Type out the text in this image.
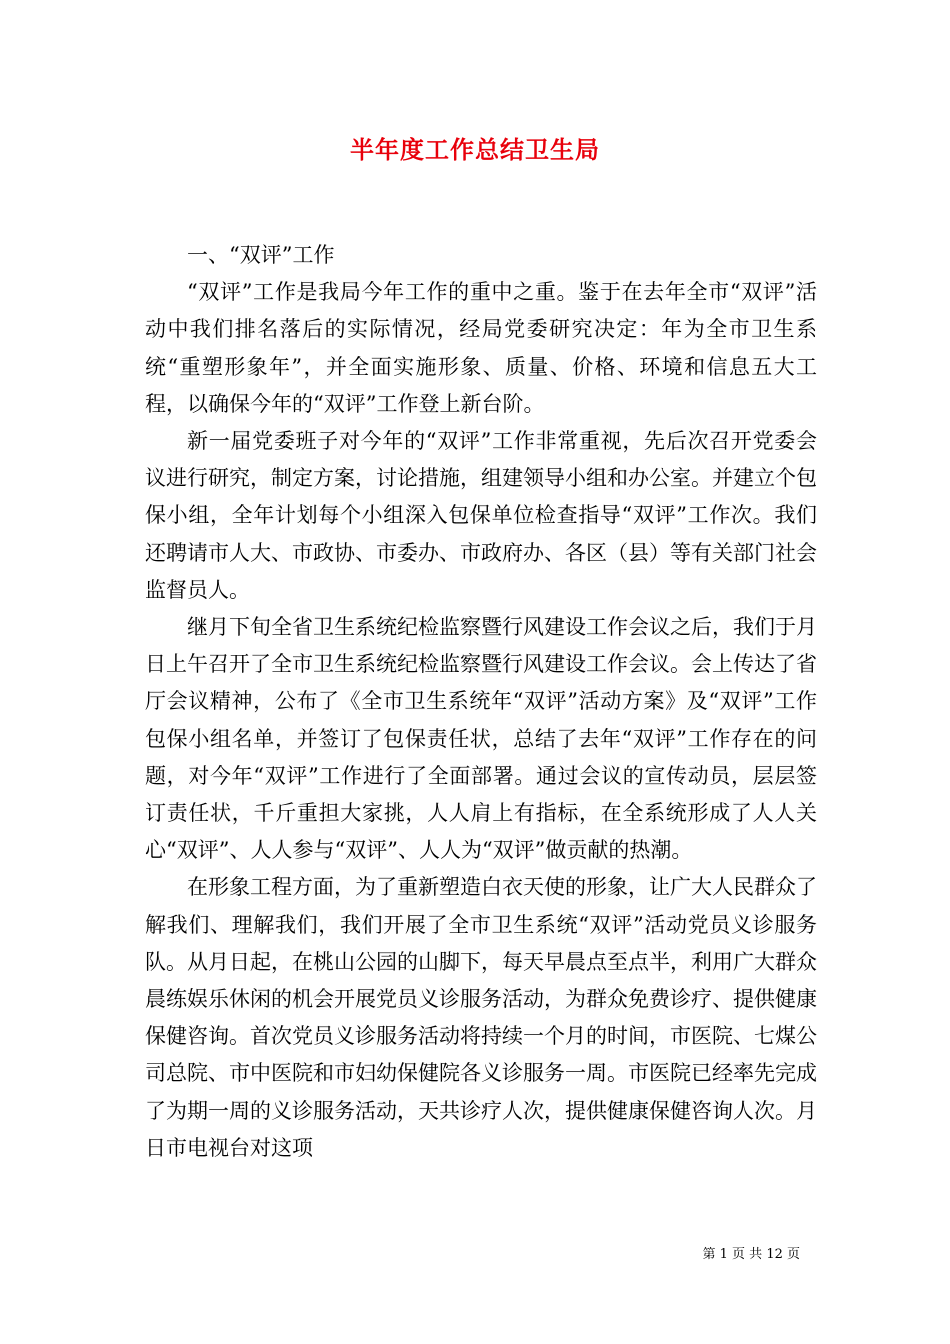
半年度工作总结卫生局

一、“双评”工作

“双评”工作是我局今年工作的重中之重。鉴于在去年全市“双评”活动中我们排名落后的实际情况，经局党委研究决定：年为全市卫生系统“重塑形象年”，并全面实施形象、质量、价格、环境和信息五大工程，以确保今年的“双评”工作登上新台阶。

新一届党委班子对今年的“双评”工作非常重视，先后次召开党委会议进行研究，制定方案，讨论措施，组建领导小组和办公室。并建立个包保小组，全年计划每个小组深入包保单位检查指导“双评”工作次。我们还聘请市人大、市政协、市委办、市政府办、各区（县）等有关部门社会监督员人。

继月下旬全省卫生系统纪检监察暨行风建设工作会议之后，我们于月日上午召开了全市卫生系统纪检监察暨行风建设工作会议。会上传达了省厅会议精神，公布了《全市卫生系统年“双评”活动方案》及“双评”工作包保小组名单，并签订了包保责任状，总结了去年“双评”工作存在的问题，对今年“双评”工作进行了全面部署。通过会议的宣传动员，层层签订责任状，千斤重担大家挑，人人肩上有指标，在全系统形成了人人关心“双评”、人人参与“双评”、人人为“双评”做贡献的热潮。

在形象工程方面，为了重新塑造白衣天使的形象，让广大人民群众了解我们、理解我们，我们开展了全市卫生系统“双评”活动党员义诊服务队。从月日起，在桃山公园的山脚下，每天早晨点至点半，利用广大群众晨练娱乐休闲的机会开展党员义诊服务活动，为群众免费诊疗、提供健康保健咨询。首次党员义诊服务活动将持续一个月的时间，市医院、七煤公司总院、市中医院和市妇幼保健院各义诊服务一周。市医院已经率先完成了为期一周的义诊服务活动，天共诊疗人次，提供健康保健咨询人次。月日市电视台对这项

第 1 页 共 12 页
